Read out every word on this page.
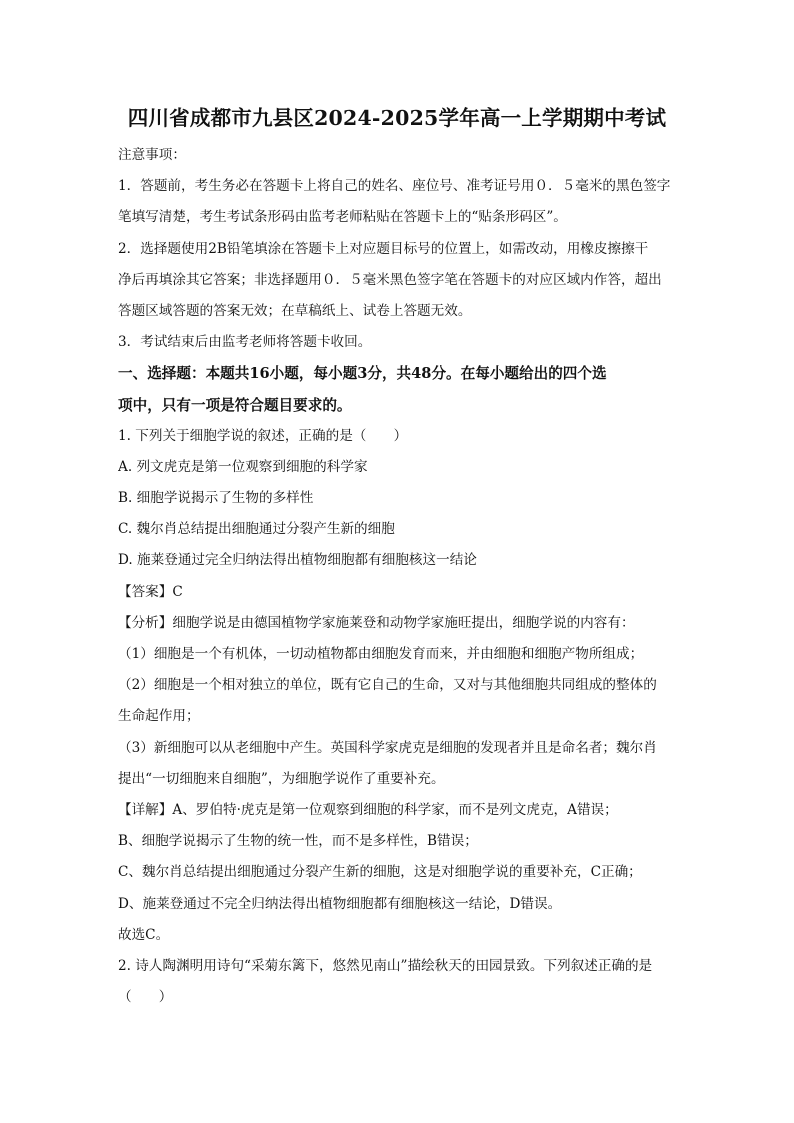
四川省成都市九县区2024-2025学年高一上学期期中考试
注意事项：
1．答题前，考生务必在答题卡上将自己的姓名、座位号、准考证号用０．５毫米的黑色签字
笔填写清楚，考生考试条形码由监考老师粘贴在答题卡上的“贴条形码区”。
2．选择题使用2B铅笔填涂在答题卡上对应题目标号的位置上，如需改动，用橡皮擦擦干
净后再填涂其它答案；非选择题用０．５毫米黑色签字笔在答题卡的对应区域内作答，超出
答题区域答题的答案无效；在草稿纸上、试卷上答题无效。
3．考试结束后由监考老师将答题卡收回。
一、选择题：本题共16小题，每小题3分，共48分。在每小题给出的四个选
项中，只有一项是符合题目要求的。
1. 下列关于细胞学说的叙述，正确的是（　　）
A. 列文虎克是第一位观察到细胞的科学家
B. 细胞学说揭示了生物的多样性
C. 魏尔肖总结提出细胞通过分裂产生新的细胞
D. 施莱登通过完全归纳法得出植物细胞都有细胞核这一结论
【答案】C
【分析】细胞学说是由德国植物学家施莱登和动物学家施旺提出，细胞学说的内容有：
（1）细胞是一个有机体，一切动植物都由细胞发育而来，并由细胞和细胞产物所组成；
（2）细胞是一个相对独立的单位，既有它自己的生命，又对与其他细胞共同组成的整体的
生命起作用；
（3）新细胞可以从老细胞中产生。英国科学家虎克是细胞的发现者并且是命名者；魏尔肖
提出“一切细胞来自细胞”，为细胞学说作了重要补充。
【详解】A、罗伯特·虎克是第一位观察到细胞的科学家，而不是列文虎克，A错误；
B、细胞学说揭示了生物的统一性，而不是多样性，B错误；
C、魏尔肖总结提出细胞通过分裂产生新的细胞，这是对细胞学说的重要补充，C正确；
D、施莱登通过不完全归纳法得出植物细胞都有细胞核这一结论，D错误。
故选C。
2. 诗人陶渊明用诗句“采菊东篱下，悠然见南山”描绘秋天的田园景致。下列叙述正确的是
（　　）
